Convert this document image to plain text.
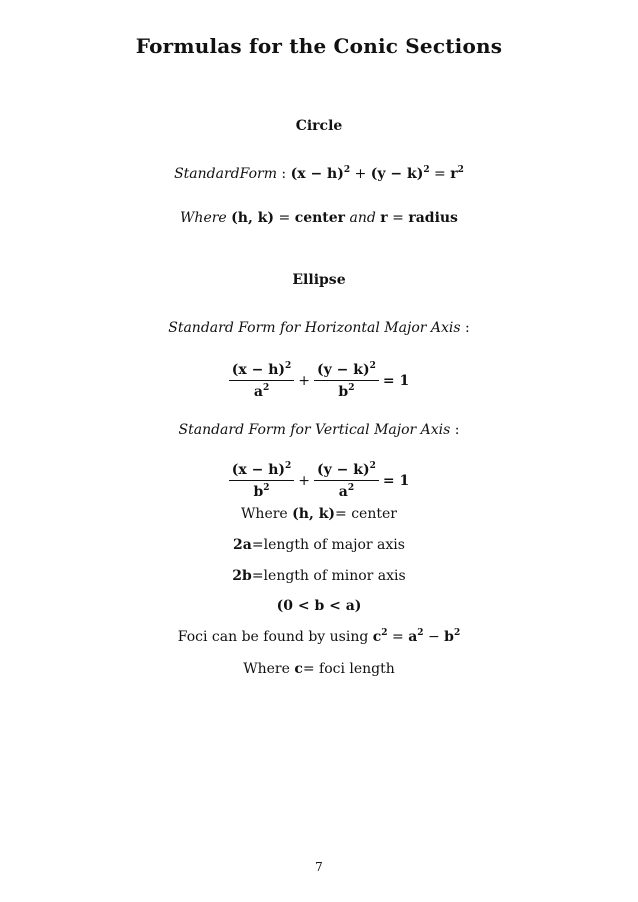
Formulas for the Conic Sections
Circle
StandardForm : $(x - h)^2 + (y - k)^2 = r^2$
Where (h, k) = center and r = radius
Ellipse
Standard Form for Horizontal Major Axis :
$\frac{(x - h)^2}{a^2} + \frac{(y - k)^2}{b^2} = 1$
Standard Form for Vertical Major Axis :
$\frac{(x - h)^2}{b^2} + \frac{(y - k)^2}{a^2} = 1$
Where (h, k)= center
2a=length of major axis
2b=length of minor axis
(0 < b < a)
Foci can be found by using $c^2 = a^2 - b^2$
Where c= foci length
7
